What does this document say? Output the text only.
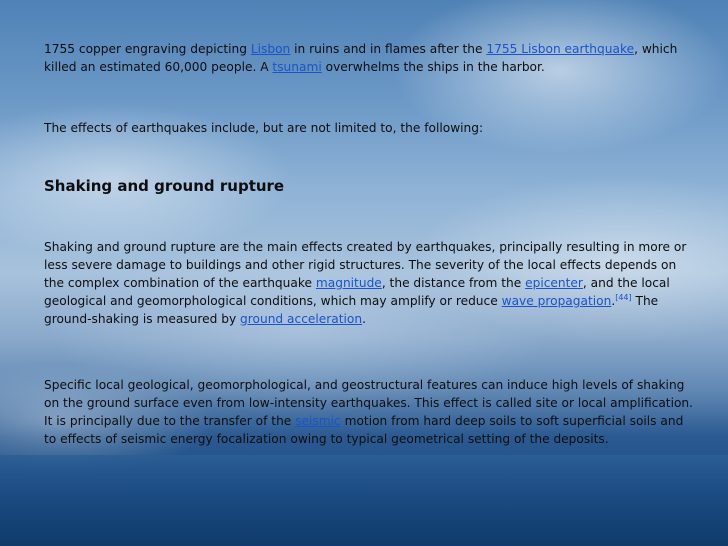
1755 copper engraving depicting Lisbon in ruins and in flames after the 1755 Lisbon earthquake, which killed an estimated 60,000 people. A tsunami overwhelms the ships in the harbor.

The effects of earthquakes include, but are not limited to, the following:

Shaking and ground rupture

Shaking and ground rupture are the main effects created by earthquakes, principally resulting in more or less severe damage to buildings and other rigid structures. The severity of the local effects depends on the complex combination of the earthquake magnitude, the distance from the epicenter, and the local geological and geomorphological conditions, which may amplify or reduce wave propagation.[44] The ground-shaking is measured by ground acceleration.

Specific local geological, geomorphological, and geostructural features can induce high levels of shaking on the ground surface even from low-intensity earthquakes. This effect is called site or local amplification. It is principally due to the transfer of the seismic motion from hard deep soils to soft superficial soils and to effects of seismic energy focalization owing to typical geometrical setting of the deposits.
